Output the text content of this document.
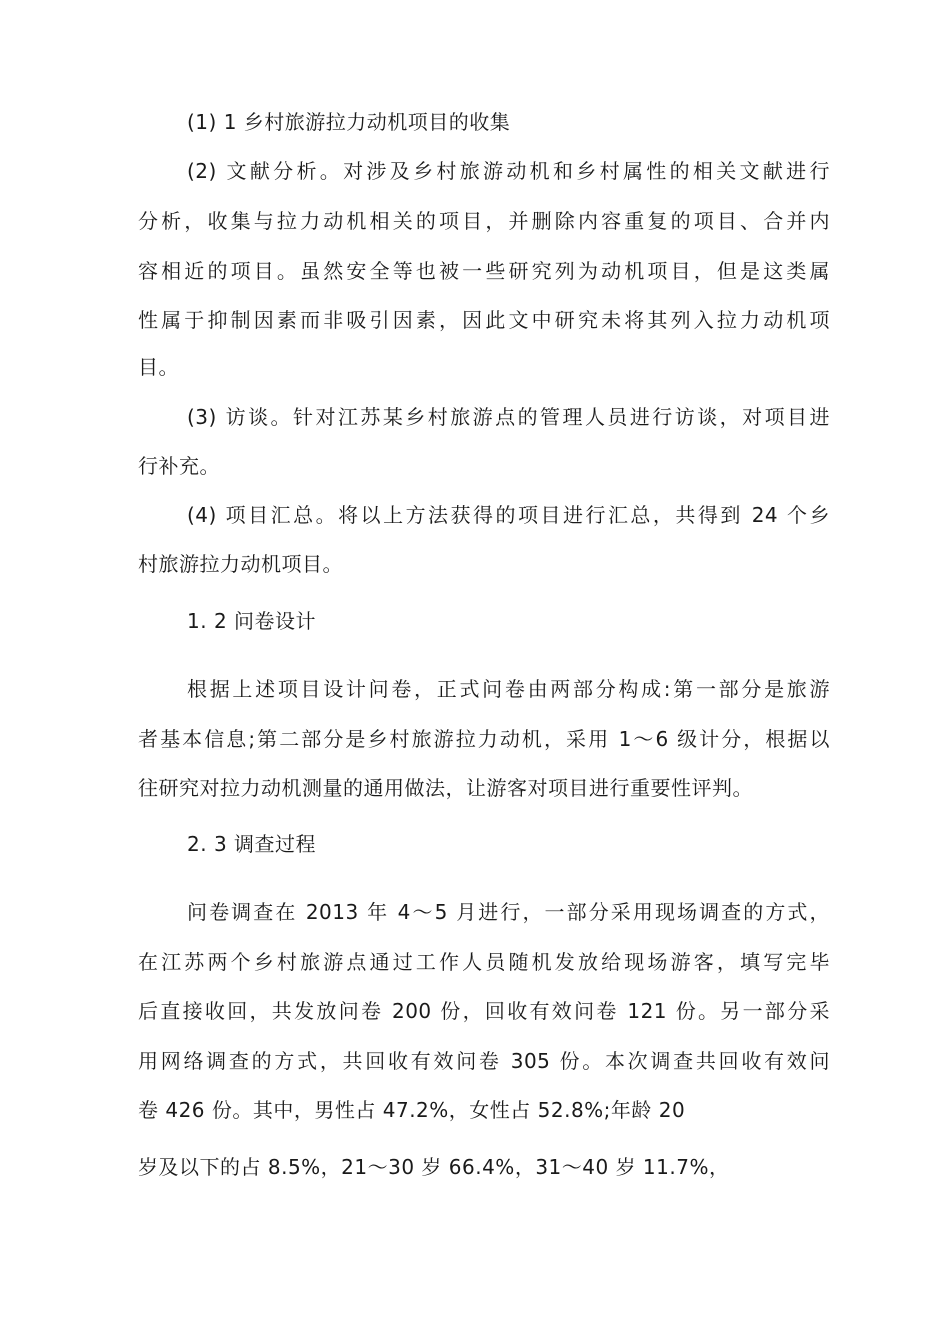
(1) 1 乡村旅游拉力动机项目的收集
(2) 文献分析。对涉及乡村旅游动机和乡村属性的相关文献进行
分析，收集与拉力动机相关的项目，并删除内容重复的项目、合并内
容相近的项目。虽然安全等也被一些研究列为动机项目，但是这类属
性属于抑制因素而非吸引因素，因此文中研究未将其列入拉力动机项
目。
(3) 访谈。针对江苏某乡村旅游点的管理人员进行访谈，对项目进
行补充。
(4) 项目汇总。将以上方法获得的项目进行汇总，共得到 24 个乡
村旅游拉力动机项目。
1. 2 问卷设计
根据上述项目设计问卷，正式问卷由两部分构成:第一部分是旅游
者基本信息;第二部分是乡村旅游拉力动机，采用 1～6 级计分，根据以
往研究对拉力动机测量的通用做法，让游客对项目进行重要性评判。
2. 3 调查过程
问卷调查在 2013 年 4～5 月进行，一部分采用现场调查的方式，
在江苏两个乡村旅游点通过工作人员随机发放给现场游客，填写完毕
后直接收回，共发放问卷 200 份，回收有效问卷 121 份。另一部分采
用网络调查的方式，共回收有效问卷 305 份。本次调查共回收有效问
卷 426 份。其中，男性占 47.2%，女性占 52.8%;年龄 20
岁及以下的占 8.5%，21～30 岁 66.4%，31～40 岁 11.7%，
